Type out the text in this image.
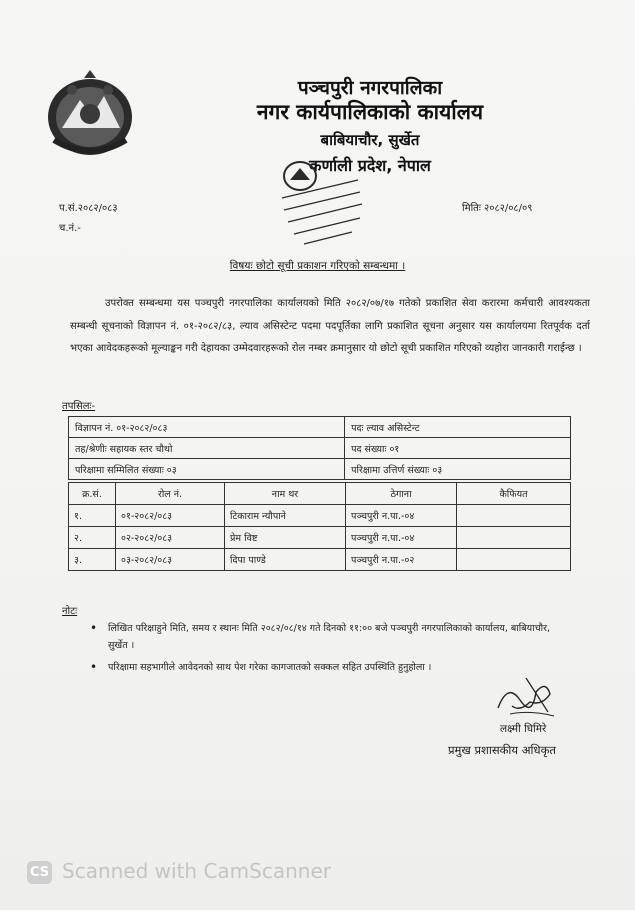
पञ्चपुरी नगरपालिका
नगर कार्यपालिकाको कार्यालय
बाबियाचौर, सुर्खेत
कर्णाली प्रदेश, नेपाल
प.सं.२०८२/०८३
च.नं.-
मितिः २०८२/०८/०९
विषयः छोटो सूची प्रकाशन गरिएको सम्बन्धमा ।
उपरोक्त सम्बन्धमा यस पञ्चपुरी नगरपालिका कार्यालयको मिति २०८२/०७/१७ गतेको प्रकाशित सेवा करारमा कर्मचारी आवश्यकता सम्बन्धी सूचनाको विज्ञापन नं. ०१-२०८२/८३, ल्याव असिस्टेन्ट पदमा पदपूर्तिका लागि प्रकाशित सूचना अनुसार यस कार्यालयमा रितपूर्वक दर्ता भएका आवेदकहरूको मूल्याङ्कन गरी देहायका उम्मेदवारहरूको रोल नम्बर क्रमानुसार यो छोटो सूची प्रकाशित गरिएको व्यहोरा जानकारी गराईन्छ ।
तपसिलः-
विज्ञापन नं. ०१-२०८२/०८३	पदः ल्याव असिस्टेन्ट
तह/श्रेणीः सहायक स्तर चौथो	पद संख्याः ०१
परिक्षामा सम्मिलित संख्याः ०३	परिक्षामा उत्तिर्ण संख्याः ०३
क्र.सं.	रोल नं.	नाम थर	ठेगाना	कैफियत
१.	०१-२०८२/०८३	टिकाराम न्यौपाने	पञ्चपुरी न.पा.-०४	
२.	०२-२०८२/०८३	प्रेम विष्ट	पञ्चपुरी न.पा.-०४	
३.	०३-२०८२/०८३	दिपा पाण्डे	पञ्चपुरी न.पा.-०२	
नोटः
• लिखित परिक्षाहुने मिति, समय र स्थानः मिति २०८२/०८/१४ गते दिनको ११:०० बजे पञ्चपुरी नगरपालिकाको कार्यालय, बाबियाचौर, सुर्खेत ।
• परिक्षामा सहभागीले आवेदनको साथ पेश गरेका कागजातको सक्कल सहित उपस्थिति हुनुहोला ।
लक्ष्मी घिमिरे
प्रमुख प्रशासकीय अधिकृत
CS Scanned with CamScanner
